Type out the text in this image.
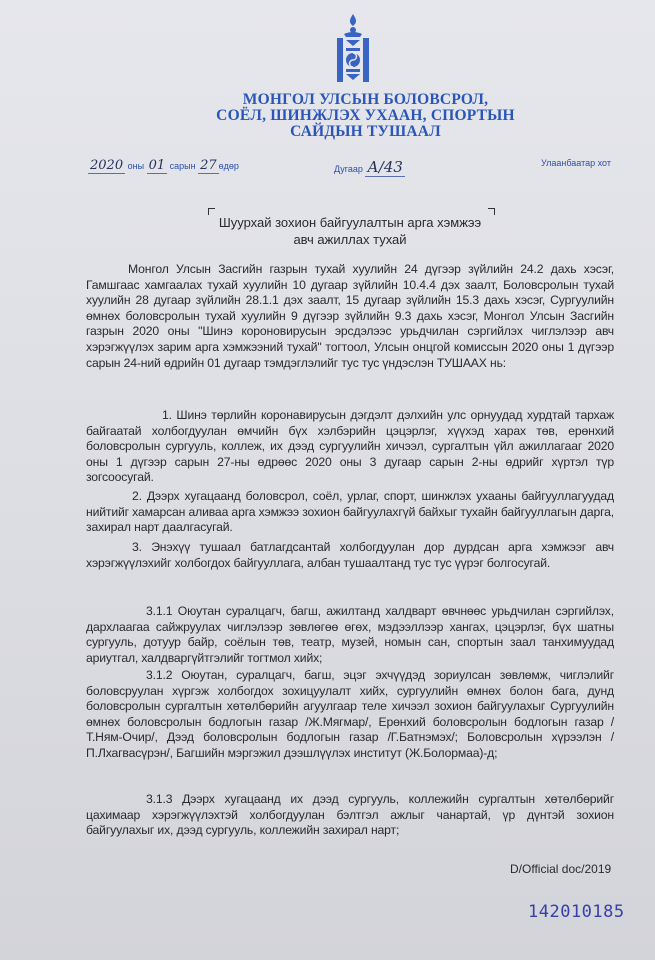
МОНГОЛ УЛСЫН БОЛОВСРОЛ,
СОЁЛ, ШИНЖЛЭХ УХААН, СПОРТЫН
САЙДЫН ТУШААЛ
2020 оны 01 сарын 27 өдөр	Дугаар А/43	Улаанбаатар хот
Шуурхай зохион байгуулалтын арга хэмжээ
авч ажиллах тухай
Монгол Улсын Засгийн газрын тухай хуулийн 24 дүгээр зүйлийн 24.2 дахь хэсэг, Гамшгаас хамгаалах тухай хуулийн 10 дугаар зүйлийн 10.4.4 дэх заалт, Боловсролын тухай хуулийн 28 дугаар зүйлийн 28.1.1 дэх заалт, 15 дугаар зүйлийн 15.3 дахь хэсэг, Сургуулийн өмнөх боловсролын тухай хуулийн 9 дүгээр зүйлийн 9.3 дахь хэсэг, Монгол Улсын Засгийн газрын 2020 оны "Шинэ короновирусын эрсдэлээс урьдчилан сэргийлэх чиглэлээр авч хэрэгжүүлэх зарим арга хэмжээний тухай" тогтоол, Улсын онцгой комиссын 2020 оны 1 дүгээр сарын 24-ний өдрийн 01 дугаар тэмдэглэлийг тус тус үндэслэн ТУШААХ нь:
1. Шинэ төрлийн коронавирусын дэгдэлт дэлхийн улс орнуудад хурдтай тархаж байгаатай холбогдуулан өмчийн бүх хэлбэрийн цэцэрлэг, хүүхэд харах төв, ерөнхий боловсролын сургууль, коллеж, их дээд сургуулийн хичээл, сургалтын үйл ажиллагааг 2020 оны 1 дүгээр сарын 27-ны өдрөөс 2020 оны 3 дугаар сарын 2-ны өдрийг хүртэл түр зогсоосугай.
2. Дээрх хугацаанд боловсрол, соёл, урлаг, спорт, шинжлэх ухааны байгууллагуудад нийтийг хамарсан аливаа арга хэмжээ зохион байгуулахгүй байхыг тухайн байгууллагын дарга, захирал нарт даалгасугай.
3. Энэхүү тушаал батлагдсантай холбогдуулан дор дурдсан арга хэмжээг авч хэрэгжүүлэхийг холбогдох байгууллага, албан тушаалтанд тус тус үүрэг болгосугай.
3.1.1 Оюутан суралцагч, багш, ажилтанд халдварт өвчнөөс урьдчилан сэргийлэх, дархлаагаа сайжруулах чиглэлээр зөвлөгөө өгөх, мэдээллээр хангах, цэцэрлэг, бүх шатны сургууль, дотуур байр, соёлын төв, театр, музей, номын сан, спортын заал танхимуудад ариутгал, халдваргүйтгэлийг тогтмол хийх;
3.1.2 Оюутан, суралцагч, багш, эцэг эхчүүдэд зориулсан зөвлөмж, чиглэлийг боловсруулан хүргэж холбогдох зохицуулалт хийх, сургуулийн өмнөх болон бага, дунд боловсролын сургалтын хөтөлбөрийн агуулгаар теле хичээл зохион байгуулахыг Сургуулийн өмнөх боловсролын бодлогын газар /Ж.Мягмар/, Ерөнхий боловсролын бодлогын газар /Т.Ням-Очир/, Дээд боловсролын бодлогын газар /Г.Батнэмэх/; Боловсролын хүрээлэн /П.Лхагвасүрэн/, Багшийн мэргэжил дээшлүүлэх институт (Ж.Болормаа)-д;
3.1.3 Дээрх хугацаанд их дээд сургууль, коллежийн сургалтын хөтөлбөрийг цахимаар хэрэгжүүлэхтэй холбогдуулан бэлтгэл ажлыг чанартай, үр дүнтэй зохион байгуулахыг их, дээд сургууль, коллежийн захирал нарт;
D/Official doc/2019
142010185
